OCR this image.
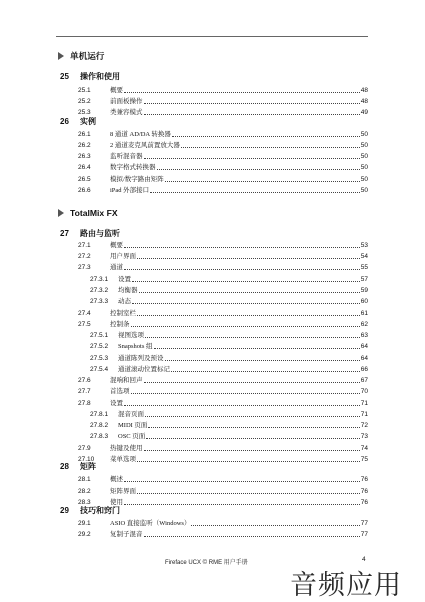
单机运行
TotalMix FX
25	操作和使用
26	实例
27	路由与监听
28	矩阵
29	技巧和窍门
25.1	概要	48
25.2	前面板操作	48
25.3	类兼容模式	49
26.1	8 通道 AD/DA 转换器	50
26.2	2 通道麦克风前置放大器	50
26.3	监听混音器	50
26.4	数字格式转换器	50
26.5	模拟/数字路由矩阵	50
26.6	iPad 外部接口	50
27.1	概要	53
27.2	用户界面	54
27.3	通道	55
27.3.1	设置	57
27.3.2	均衡器	59
27.3.3	动态	60
27.4	控制室栏	61
27.5	控制条	62
27.5.1	视图选项	63
27.5.2	Snapshots 组	64
27.5.3	通道陈列及预设	64
27.5.4	通道滚动位置标记	66
27.6	混响和回声	67
27.7	首选项	70
27.8	设置	71
27.8.1	混音页面	71
27.8.2	MIDI 页面	72
27.8.3	OSC 页面	73
27.9	热键及使用	74
27.10	菜单选项	75
28.1	概述	76
28.2	矩阵界面	76
28.3	使用	76
29.1	ASIO 直接监听（Windows）	77
29.2	复制子混音	77
Fireface UCX © RME 用户手册	4
音频应用
